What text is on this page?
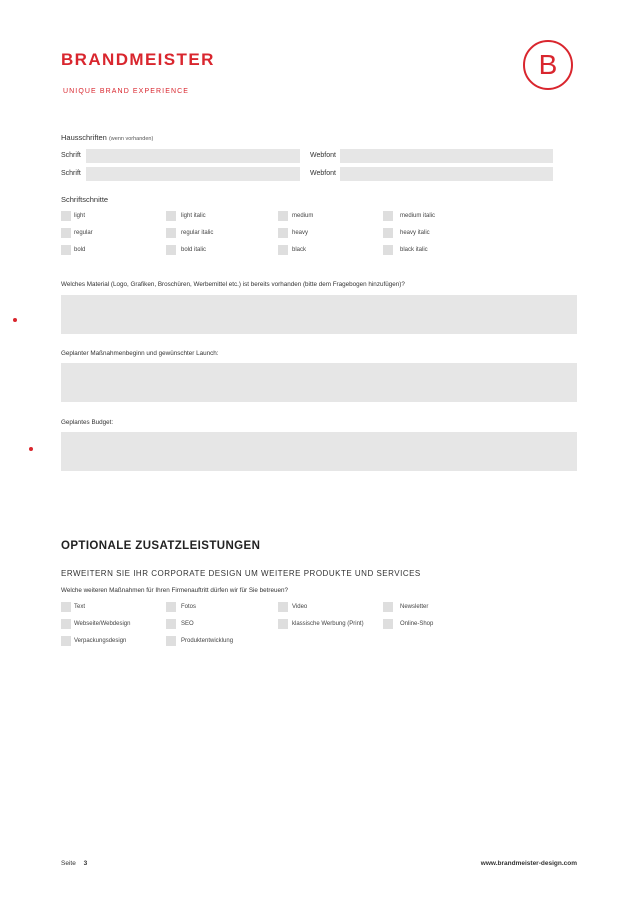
BRANDMEISTER
UNIQUE BRAND EXPERIENCE
B
Hausschriften (wenn vorhanden)
Schrift	Webfont
Schrift	Webfont
Schriftschnitte
light	light italic	medium	medium italic
regular	regular italic	heavy	heavy italic
bold	bold italic	black	black italic
Welches Material (Logo, Grafiken, Broschüren, Werbemittel etc.) ist bereits vorhanden (bitte dem Fragebogen hinzufügen)?
Geplanter Maßnahmenbeginn und gewünschter Launch:
Geplantes Budget:
OPTIONALE ZUSATZLEISTUNGEN
ERWEITERN SIE IHR CORPORATE DESIGN UM WEITERE PRODUKTE UND SERVICES
Welche weiteren Maßnahmen für Ihren Firmenauftritt dürfen wir für Sie betreuen?
Text	Fotos	Video	Newsletter
Webseite/Webdesign	SEO	klassische Werbung (Print)	Online-Shop
Verpackungsdesign	Produktentwicklung
Seite 3	www.brandmeister-design.com
